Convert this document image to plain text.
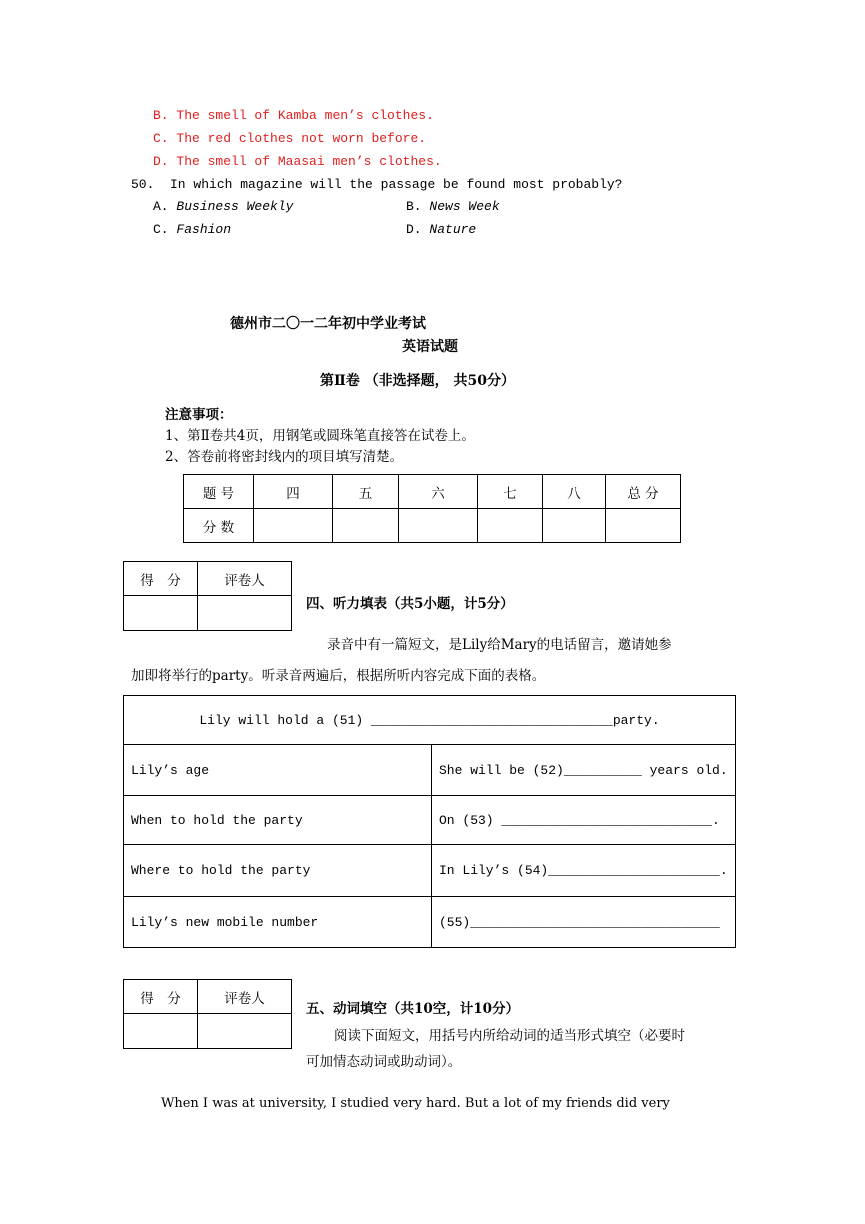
B. The smell of Kamba men’s clothes.
C. The red clothes not worn before.
D. The smell of Maasai men’s clothes.
50.  In which magazine will the passage be found most probably?
A. Business Weekly	B. News Week
C. Fashion	D. Nature
德州市二〇一二年初中学业考试
英语试题
第Ⅱ卷 （非选择题， 共50分）
注意事项：
1、第Ⅱ卷共4页，用钢笔或圆珠笔直接答在试卷上。
2、答卷前将密封线内的项目填写清楚。
题 号	四	五	六	七	八	总 分
分 数						
得　分	评卷人

四、听力填表（共5小题，计5分）
录音中有一篇短文，是Lily给Mary的电话留言，邀请她参
加即将举行的party。听录音两遍后，根据所听内容完成下面的表格。
Lily will hold a (51) _______________________________party.	
Lily’s age	She will be (52)__________ years old.
When to hold the party	On (53) ___________________________.
Where to hold the party	In Lily’s (54)______________________.
Lily’s new mobile number	(55)________________________________
得　分	评卷人

五、动词填空（共10空，计10分）
阅读下面短文，用括号内所给动词的适当形式填空（必要时
可加情态动词或助动词）。
When I was at university, I studied very hard. But a lot of my friends did very
